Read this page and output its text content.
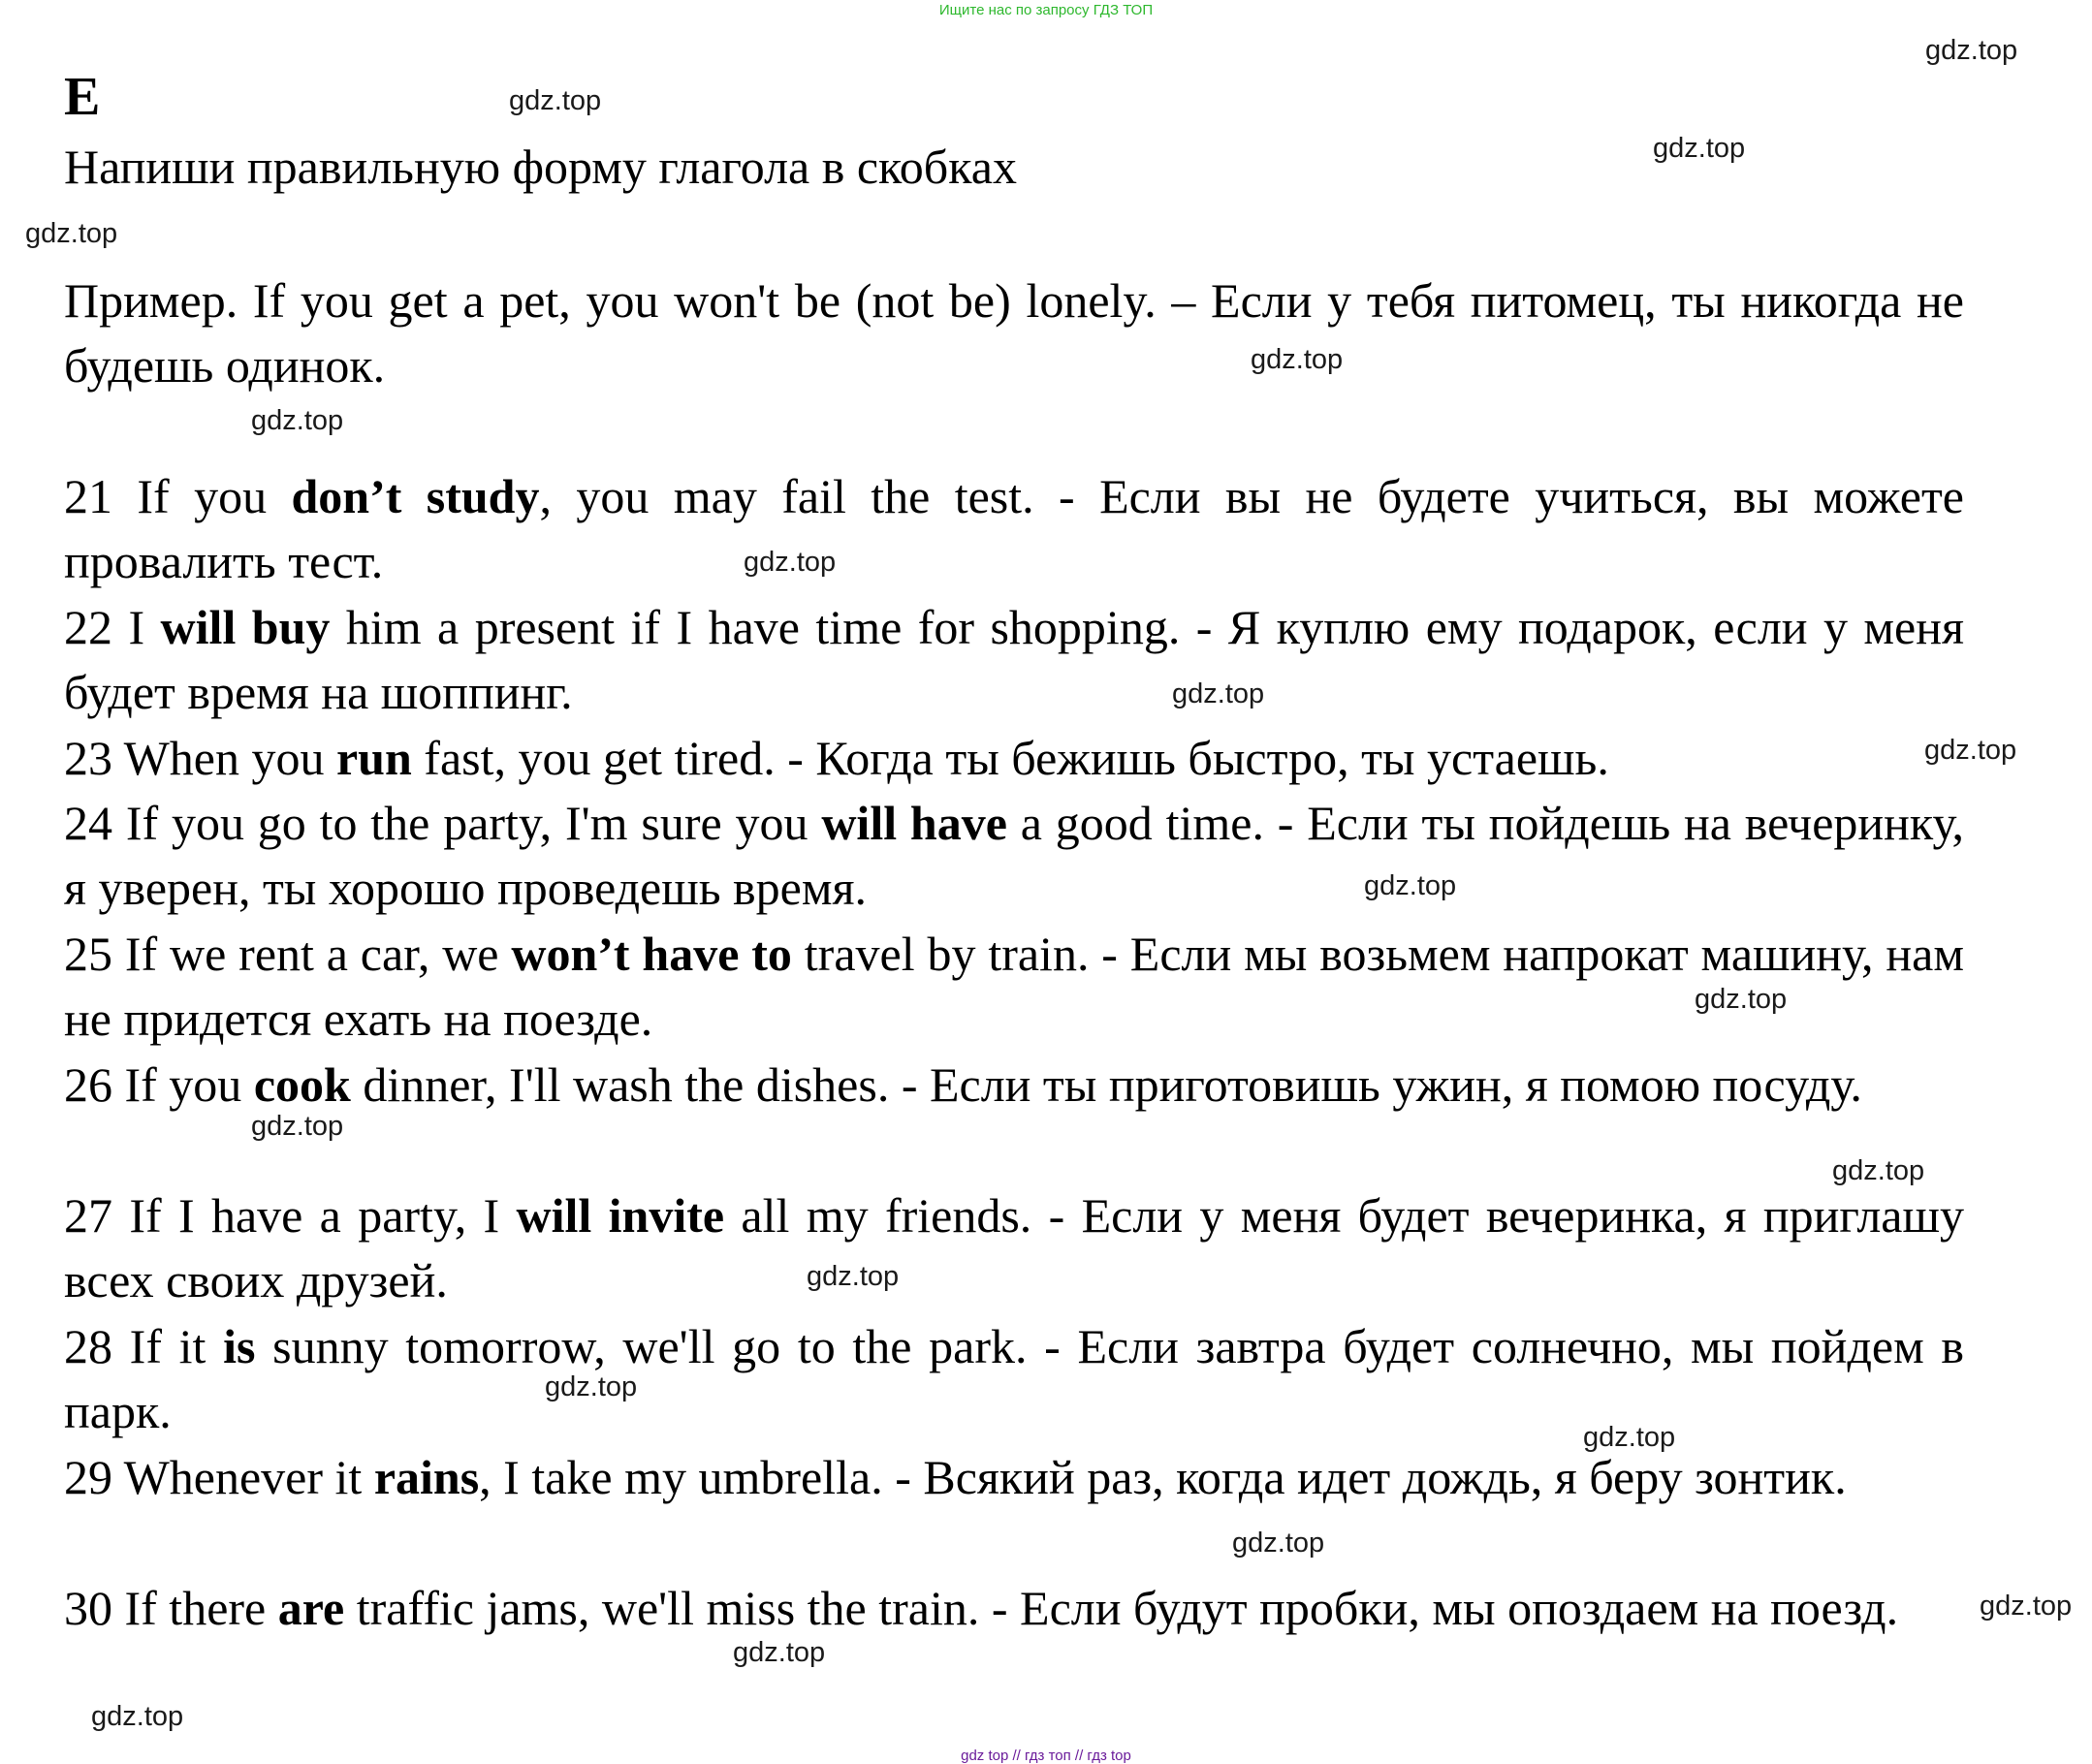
Ищите нас по запросу ГДЗ ТОП
E
Напиши правильную форму глагола в скобках
Пример. If you get a pet, you won't be (not be) lonely. – Если у тебя питомец, ты никогда не будешь одинок.
21 If you don’t study, you may fail the test. - Если вы не будете учиться, вы можете провалить тест.
22 I will buy him a present if I have time for shopping. - Я куплю ему подарок, если у меня будет время на шоппинг.
23 When you run fast, you get tired. - Когда ты бежишь быстро, ты устаешь.
24 If you go to the party, I'm sure you will have a good time. - Если ты пойдешь на вечеринку, я уверен, ты хорошо проведешь время.
25 If we rent a car, we won’t have to travel by train. - Если мы возьмем напрокат машину, нам не придется ехать на поезде.
26 If you cook dinner, I'll wash the dishes. - Если ты приготовишь ужин, я помою посуду.
27 If I have a party, I will invite all my friends. - Если у меня будет вечеринка, я приглашу всех своих друзей.
28 If it is sunny tomorrow, we'll go to the park. - Если завтра будет солнечно, мы пойдем в парк.
29 Whenever it rains, I take my umbrella. - Всякий раз, когда идет дождь, я беру зонтик.
30 If there are traffic jams, we'll miss the train. - Если будут пробки, мы опоздаем на поезд.
gdz.top
gdz.top
gdz.top
gdz.top
gdz.top
gdz.top
gdz.top
gdz.top
gdz.top
gdz.top
gdz.top
gdz.top
gdz.top
gdz.top
gdz.top
gdz.top
gdz.top
gdz.top
gdz.top
gdz.top
gdz top // гдз топ // гдз top
